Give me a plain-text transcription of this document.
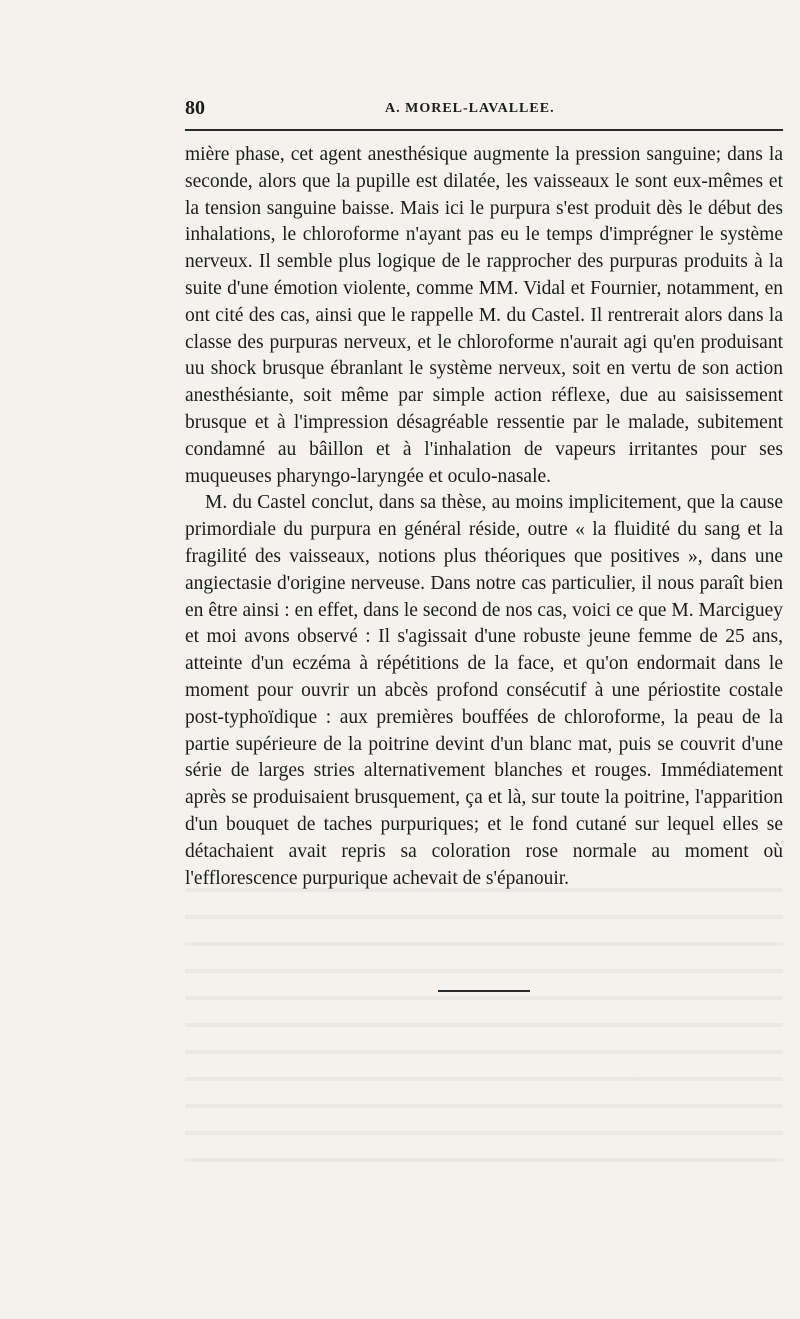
80	A. MOREL-LAVALLEE.

mière phase, cet agent anesthésique augmente la pression sanguine; dans la seconde, alors que la pupille est dilatée, les vaisseaux le sont eux-mêmes et la tension sanguine baisse. Mais ici le purpura s'est produit dès le début des inhalations, le chloroforme n'ayant pas eu le temps d'imprégner le système nerveux. Il semble plus logique de le rapprocher des purpuras produits à la suite d'une émotion violente, comme MM. Vidal et Fournier, notamment, en ont cité des cas, ainsi que le rappelle M. du Castel. Il rentrerait alors dans la classe des purpuras nerveux, et le chloroforme n'aurait agi qu'en produisant uu shock brusque ébranlant le système nerveux, soit en vertu de son action anesthésiante, soit même par simple action réflexe, due au saisissement brusque et à l'impression désagréable ressentie par le malade, subitement condamné au bâillon et à l'inhalation de vapeurs irritantes pour ses muqueuses pharyngo-laryngée et oculo-nasale.

M. du Castel conclut, dans sa thèse, au moins implicitement, que la cause primordiale du purpura en général réside, outre « la fluidité du sang et la fragilité des vaisseaux, notions plus théoriques que positives », dans une angiectasie d'origine nerveuse. Dans notre cas particulier, il nous paraît bien en être ainsi : en effet, dans le second de nos cas, voici ce que M. Marciguey et moi avons observé : Il s'agissait d'une robuste jeune femme de 25 ans, atteinte d'un eczéma à répétitions de la face, et qu'on endormait dans le moment pour ouvrir un abcès profond consécutif à une périostite costale post-typhoïdique : aux premières bouffées de chloroforme, la peau de la partie supérieure de la poitrine devint d'un blanc mat, puis se couvrit d'une série de larges stries alternativement blanches et rouges. Immédiatement après se produisaient brusquement, ça et là, sur toute la poitrine, l'apparition d'un bouquet de taches purpuriques; et le fond cutané sur lequel elles se détachaient avait repris sa coloration rose normale au moment où l'efflorescence purpurique achevait de s'épanouir.
